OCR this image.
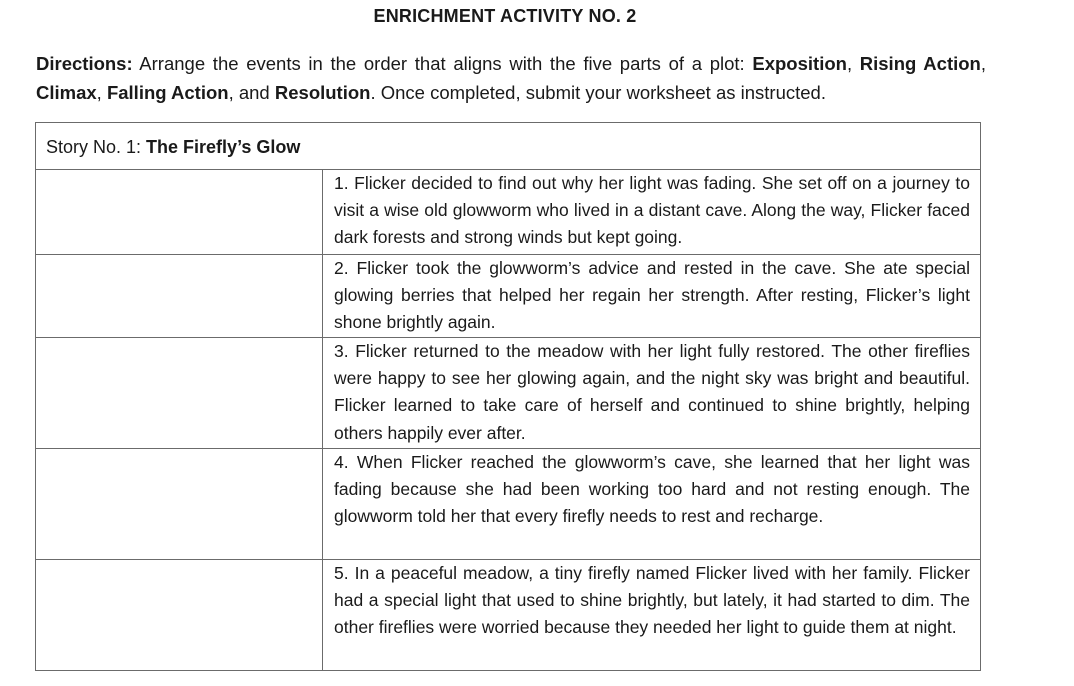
ENRICHMENT ACTIVITY NO. 2
Directions: Arrange the events in the order that aligns with the five parts of a plot: Exposition, Rising Action, Climax, Falling Action, and Resolution. Once completed, submit your worksheet as instructed.
Story No. 1: The Firefly’s Glow	
	1. Flicker decided to find out why her light was fading. She set off on a journey to visit a wise old glowworm who lived in a distant cave. Along the way, Flicker faced dark forests and strong winds but kept going.
	2. Flicker took the glowworm’s advice and rested in the cave. She ate special glowing berries that helped her regain her strength. After resting, Flicker’s light shone brightly again.
	3. Flicker returned to the meadow with her light fully restored. The other fireflies were happy to see her glowing again, and the night sky was bright and beautiful. Flicker learned to take care of herself and continued to shine brightly, helping others happily ever after.
	4. When Flicker reached the glowworm’s cave, she learned that her light was fading because she had been working too hard and not resting enough. The glowworm told her that every firefly needs to rest and recharge.
	5. In a peaceful meadow, a tiny firefly named Flicker lived with her family. Flicker had a special light that used to shine brightly, but lately, it had started to dim. The other fireflies were worried because they needed her light to guide them at night.
